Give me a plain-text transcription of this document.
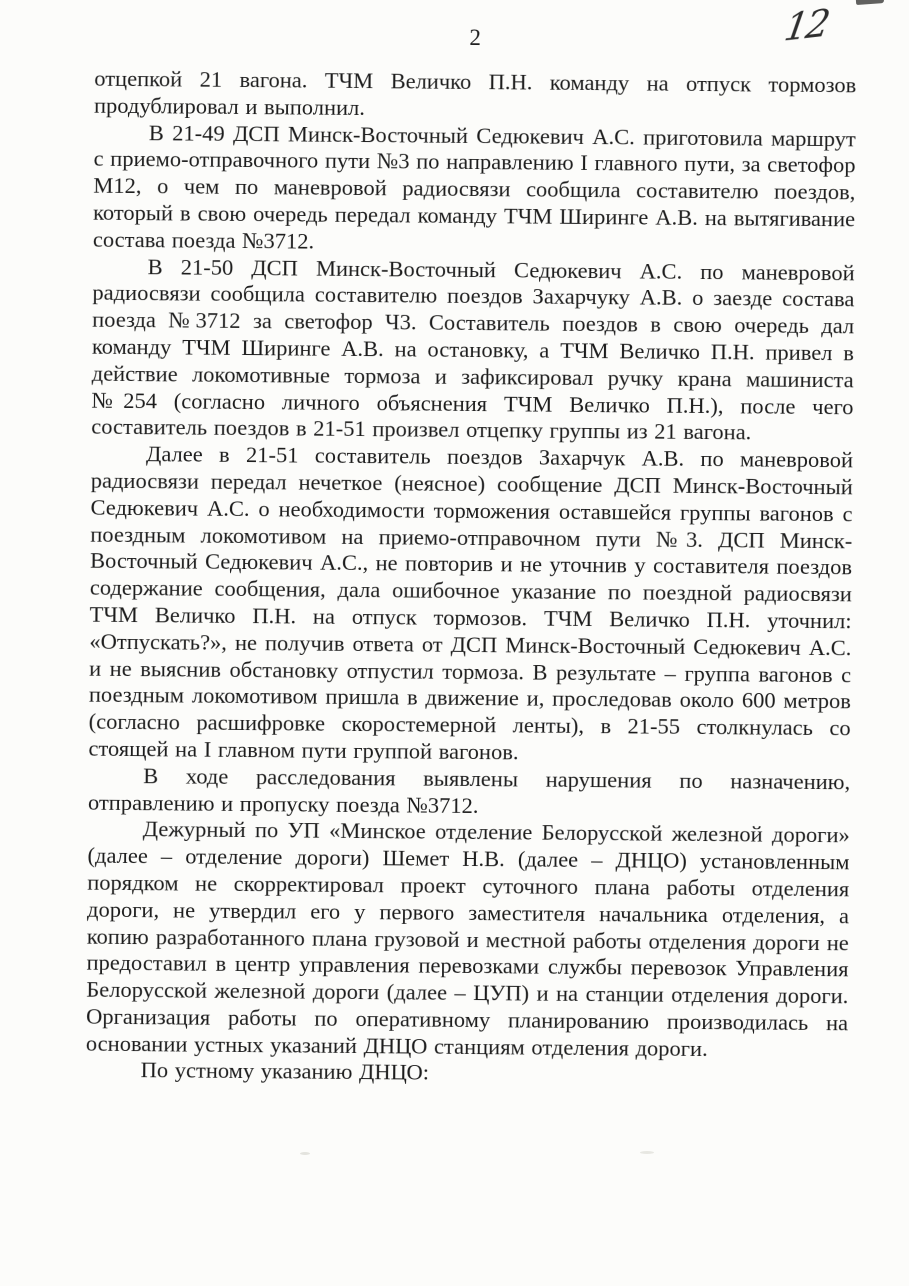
12
2

отцепкой 21 вагона. ТЧМ Величко П.Н. команду на отпуск тормозов продублировал и выполнил.

В 21-49 ДСП Минск-Восточный Седюкевич А.С. приготовила маршрут с приемо-отправочного пути №3 по направлению I главного пути, за светофор М12, о чем по маневровой радиосвязи сообщила составителю поездов, который в свою очередь передал команду ТЧМ Ширинге А.В. на вытягивание состава поезда №3712.

В 21-50 ДСП Минск-Восточный Седюкевич А.С. по маневровой радиосвязи сообщила составителю поездов Захарчуку А.В. о заезде состава поезда №3712 за светофор Ч3. Составитель поездов в свою очередь дал команду ТЧМ Ширинге А.В. на остановку, а ТЧМ Величко П.Н. привел в действие локомотивные тормоза и зафиксировал ручку крана машиниста №254 (согласно личного объяснения ТЧМ Величко П.Н.), после чего составитель поездов в 21-51 произвел отцепку группы из 21 вагона.

Далее в 21-51 составитель поездов Захарчук А.В. по маневровой радиосвязи передал нечеткое (неясное) сообщение ДСП Минск-Восточный Седюкевич А.С. о необходимости торможения оставшейся группы вагонов с поездным локомотивом на приемо-отправочном пути №3. ДСП Минск-Восточный Седюкевич А.С., не повторив и не уточнив у составителя поездов содержание сообщения, дала ошибочное указание по поездной радиосвязи ТЧМ Величко П.Н. на отпуск тормозов. ТЧМ Величко П.Н. уточнил: «Отпускать?», не получив ответа от ДСП Минск-Восточный Седюкевич А.С. и не выяснив обстановку отпустил тормоза. В результате – группа вагонов с поездным локомотивом пришла в движение и, проследовав около 600 метров (согласно расшифровке скоростемерной ленты), в 21-55 столкнулась со стоящей на I главном пути группой вагонов.

В ходе расследования выявлены нарушения по назначению, отправлению и пропуску поезда №3712.

Дежурный по УП «Минское отделение Белорусской железной дороги» (далее – отделение дороги) Шемет Н.В. (далее – ДНЦО) установленным порядком не скорректировал проект суточного плана работы отделения дороги, не утвердил его у первого заместителя начальника отделения, а копию разработанного плана грузовой и местной работы отделения дороги не предоставил в центр управления перевозками службы перевозок Управления Белорусской железной дороги (далее – ЦУП) и на станции отделения дороги. Организация работы по оперативному планированию производилась на основании устных указаний ДНЦО станциям отделения дороги.

По устному указанию ДНЦО:
